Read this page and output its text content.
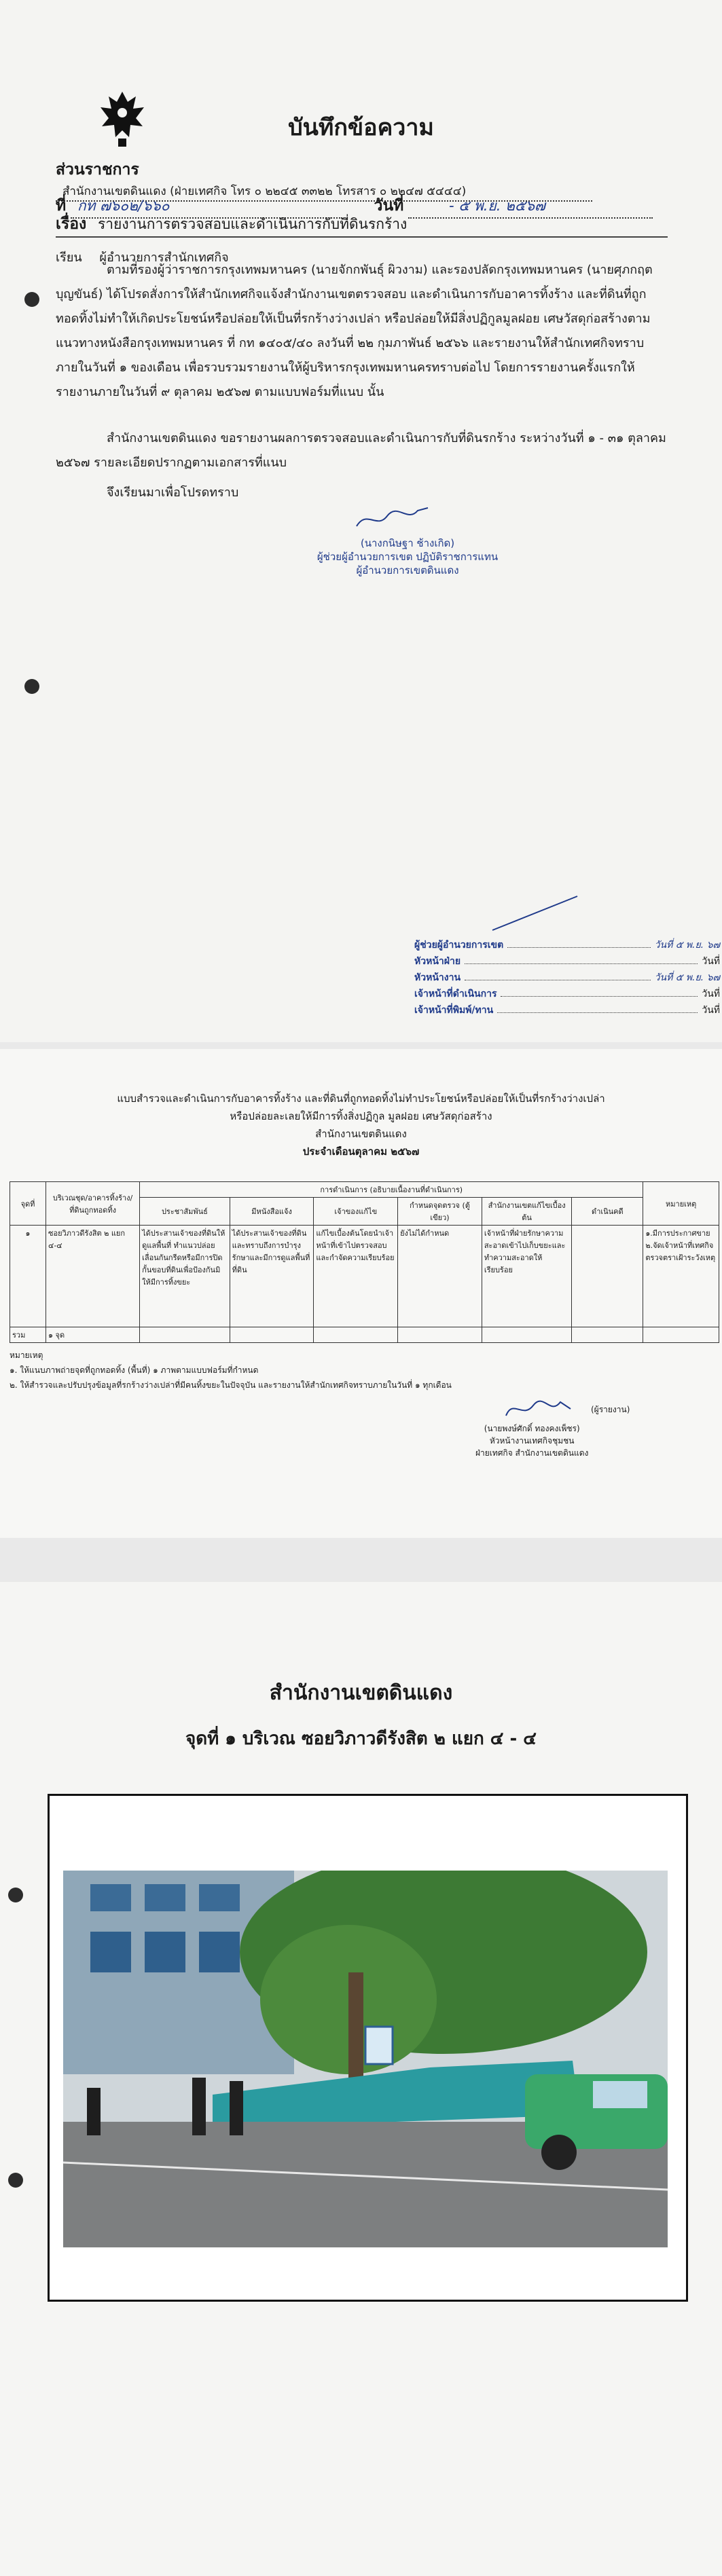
บันทึกข้อความ
ส่วนราชการ สำนักงานเขตดินแดง (ฝ่ายเทศกิจ โทร ๐ ๒๒๔๕ ๓๓๒๒ โทรสาร ๐ ๒๒๔๗ ๕๔๔๔)
ที่ กท ๗๖๐๒/๖๖๐	วันที่	- ๕ พ.ย. ๒๕๖๗
เรื่อง รายงานการตรวจสอบและดำเนินการกับที่ดินรกร้าง
เรียน ผู้อำนวยการสำนักเทศกิจ

ตามที่รองผู้ว่าราชการกรุงเทพมหานคร (นายจักกพันธุ์ ผิวงาม) และรองปลัดกรุงเทพมหานคร (นายศุภกฤต บุญขันธ์) ได้โปรดสั่งการให้สำนักเทศกิจแจ้งสำนักงานเขตตรวจสอบ และดำเนินการกับอาคารทิ้งร้าง และที่ดินที่ถูกทอดทิ้งไม่ทำให้เกิดประโยชน์หรือปล่อยให้เป็นที่รกร้างว่างเปล่า หรือปล่อยให้มีสิ่งปฏิกูลมูลฝอย เศษวัสดุก่อสร้างตามแนวทางหนังสือกรุงเทพมหานคร ที่ กท ๑๔๐๕/๔๐ ลงวันที่ ๒๒ กุมภาพันธ์ ๒๕๖๖ และรายงานให้สำนักเทศกิจทราบ ภายในวันที่ ๑ ของเดือน เพื่อรวบรวมรายงานให้ผู้บริหารกรุงเทพมหานครทราบต่อไป โดยการรายงานครั้งแรกให้รายงานภายในวันที่ ๙ ตุลาคม ๒๕๖๗ ตามแบบฟอร์มที่แนบ นั้น

สำนักงานเขตดินแดง ขอรายงานผลการตรวจสอบและดำเนินการกับที่ดินรกร้าง ระหว่างวันที่ ๑ - ๓๑ ตุลาคม ๒๕๖๗ รายละเอียดปรากฏตามเอกสารที่แนบ

จึงเรียนมาเพื่อโปรดทราบ

(นางกนิษฐา ช้างเกิด)
ผู้ช่วยผู้อำนวยการเขต ปฏิบัติราชการแทน
ผู้อำนวยการเขตดินแดง
ผู้ช่วยผู้อำนวยการเขต	วันที่ ๕ พ.ย. ๖๗
หัวหน้าฝ่าย	วันที่
หัวหน้างาน	วันที่ ๕ พ.ย. ๖๗
เจ้าหน้าที่ดำเนินการ	วันที่
เจ้าหน้าที่พิมพ์/ทาน	วันที่
แบบสำรวจและดำเนินการกับอาคารทิ้งร้าง และที่ดินที่ถูกทอดทิ้งไม่ทำประโยชน์หรือปล่อยให้เป็นที่รกร้างว่างเปล่า
หรือปล่อยละเลยให้มีการทิ้งสิ่งปฏิกูล มูลฝอย เศษวัสดุก่อสร้าง
สำนักงานเขตดินแดง
ประจำเดือนตุลาคม ๒๕๖๗
จุดที่	บริเวณชุด/อาคารทิ้งร้าง/ที่ดินถูกทอดทิ้ง	การดำเนินการ (อธิบายเนื้องานที่ดำเนินการ)						หมายเหตุ
		ประชาสัมพันธ์	มีหนังสือแจ้ง	เจ้าของแก้ไข	กำหนดจุดตรวจ (ตู้เขียว)	สำนักงานเขตแก้ไขเบื้องต้น	ดำเนินคดี	
๑	ซอยวิภาวดีรังสิต ๒ แยก ๔-๔	ได้ประสานเจ้าของที่ดินให้ดูแลพื้นที่ ทำแนวปล่อยเลื่อนกันกรีดหรือมีการปิดกั้นขอบที่ดินเพื่อป้องกันมิให้มีการทิ้งขยะ	ได้ประสานเจ้าของที่ดินและทราบถึงการบำรุงรักษาและมีการดูแลพื้นที่ที่ดิน	แก้ไขเบื้องต้นโดยนำเจ้าหน้าที่เข้าไปตรวจสอบและกำจัดความเรียบร้อย	ยังไม่ได้กำหนด	เจ้าหน้าที่ฝ่ายรักษาความสะอาดเข้าไปเก็บขยะและทำความสะอาดให้เรียบร้อย		๑.มีการประกาศขาย ๒.จัดเจ้าหน้าที่เทศกิจตรวจตราเฝ้าระวังเหตุ
รวม	๑ จุด							
หมายเหตุ
๑. ให้แนบภาพถ่ายจุดที่ถูกทอดทิ้ง (พื้นที่) ๑ ภาพตามแบบฟอร์มที่กำหนด
๒. ให้สำรวจและปรับปรุงข้อมูลที่รกร้างว่างเปล่าที่มีคนทิ้งขยะในปัจจุบัน และรายงานให้สำนักเทศกิจทราบภายในวันที่ ๑ ทุกเดือน
(ผู้รายงาน)
(นายพงษ์ศักดิ์ ทองคงเพ็ชร)
หัวหน้างานเทศกิจชุมชน
ฝ่ายเทศกิจ สำนักงานเขตดินแดง
สำนักงานเขตดินแดง
จุดที่ ๑ บริเวณ ซอยวิภาวดีรังสิต ๒ แยก ๔ - ๔
